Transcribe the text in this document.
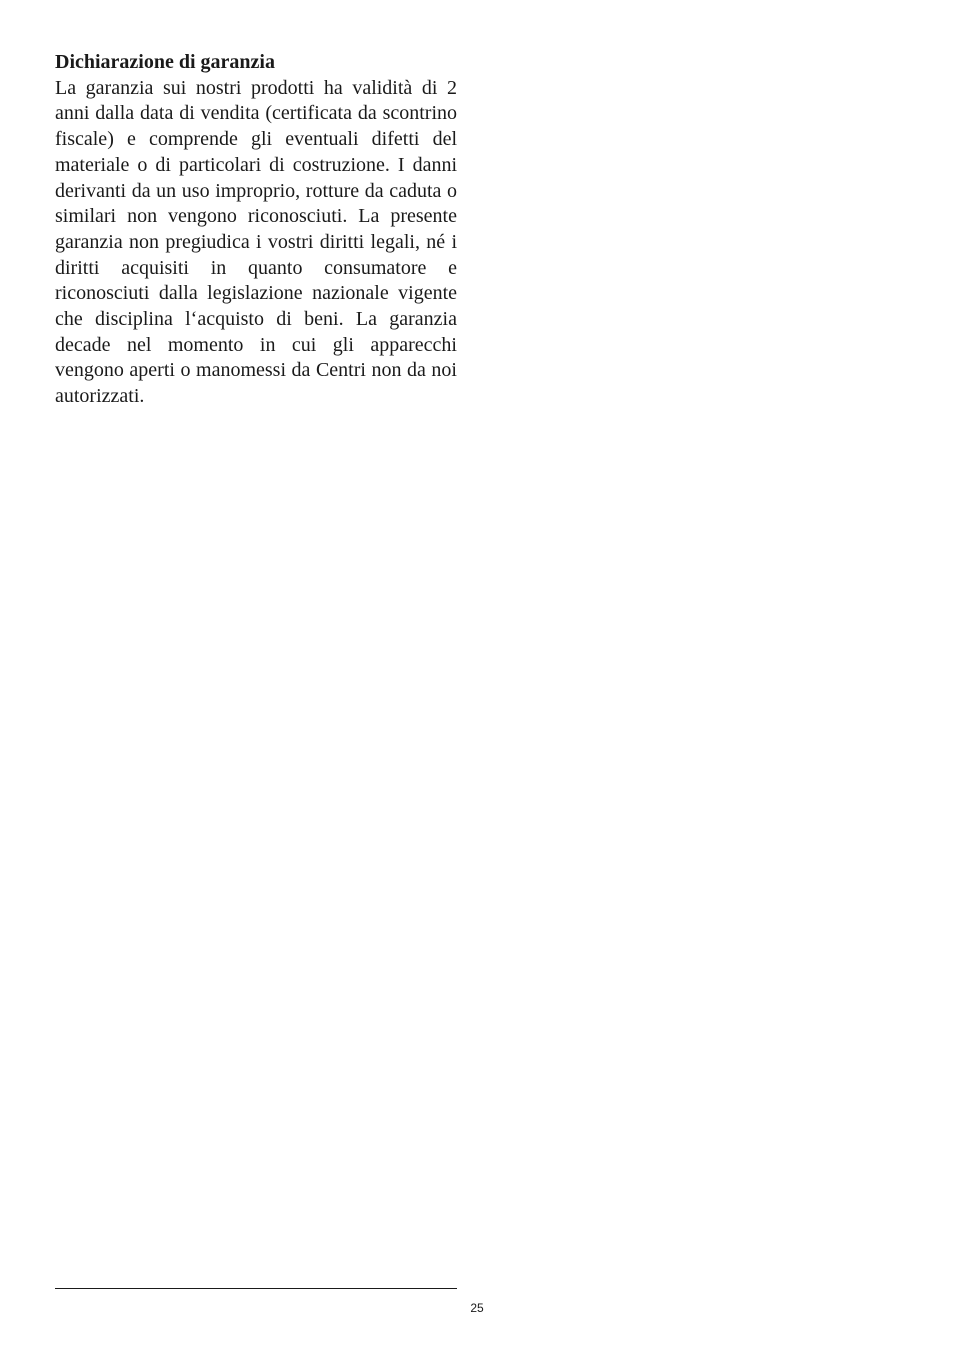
Dichiarazione di garanzia

La garanzia sui nostri prodotti ha validità di 2 anni dalla data di vendita (certificata da scontrino fiscale) e comprende gli eventuali difetti del materiale o di particolari di costruzione. I danni derivanti da un uso improprio, rotture da caduta o similari non vengono riconosciuti. La presente garanzia non pregiudica i vostri diritti legali, né i diritti acquisiti in quanto consumatore e riconosciuti dalla legislazione nazionale vigente che disciplina l‘acquisto di beni. La garanzia decade nel momento in cui gli apparecchi vengono aperti o manomessi da Centri non da noi autorizzati.

25
